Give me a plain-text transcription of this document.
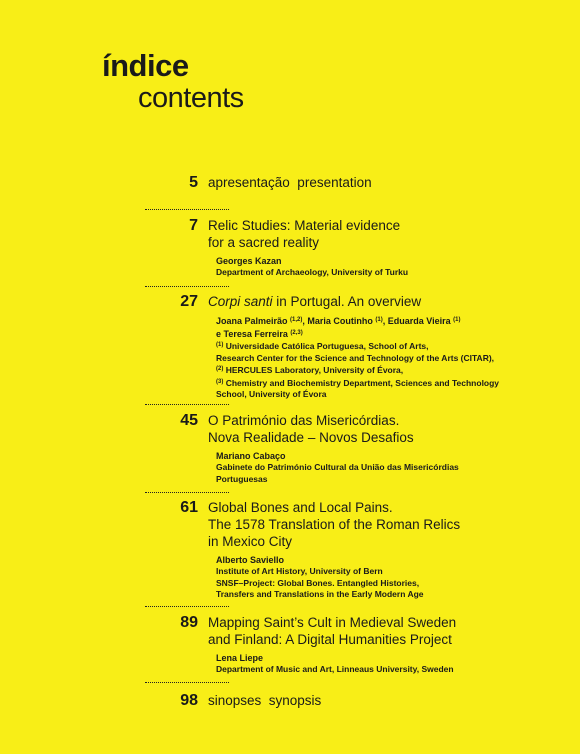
índice
contents
5 apresentação  presentation

7 Relic Studies: Material evidence

for a sacred reality

Georges Kazan
Department of Archaeology, University of Turku
27 Corpi santi in Portugal. An overview

Joana Palmeirão $^{(1,2)}$, Maria Coutinho $^{(1)}$, Eduarda Vieira $^{(1)}$
e Teresa Ferreira $^{(2,3)}$
$^{(1)}$ Universidade Católica Portuguesa, School of Arts,
Research Center for the Science and Technology of the Arts (CITAR),
$^{(2)}$ HERCULES Laboratory, University of Évora,
$^{(3)}$ Chemistry and Biochemistry Department, Sciences and Technology
School, University of Évora
45 O Património das Misericórdias.

Nova Realidade – Novos Desafios

Mariano Cabaço
Gabinete do Património Cultural da União das Misericórdias
Portuguesas
61 Global Bones and Local Pains.

The 1578 Translation of the Roman Relics

in Mexico City

Alberto Saviello
Institute of Art History, University of Bern
SNSF–Project: Global Bones. Entangled Histories,
Transfers and Translations in the Early Modern Age
89 Mapping Saint’s Cult in Medieval Sweden

and Finland: A Digital Humanities Project

Lena Liepe
Department of Music and Art, Linneaus University, Sweden
98 sinopses  synopsis
